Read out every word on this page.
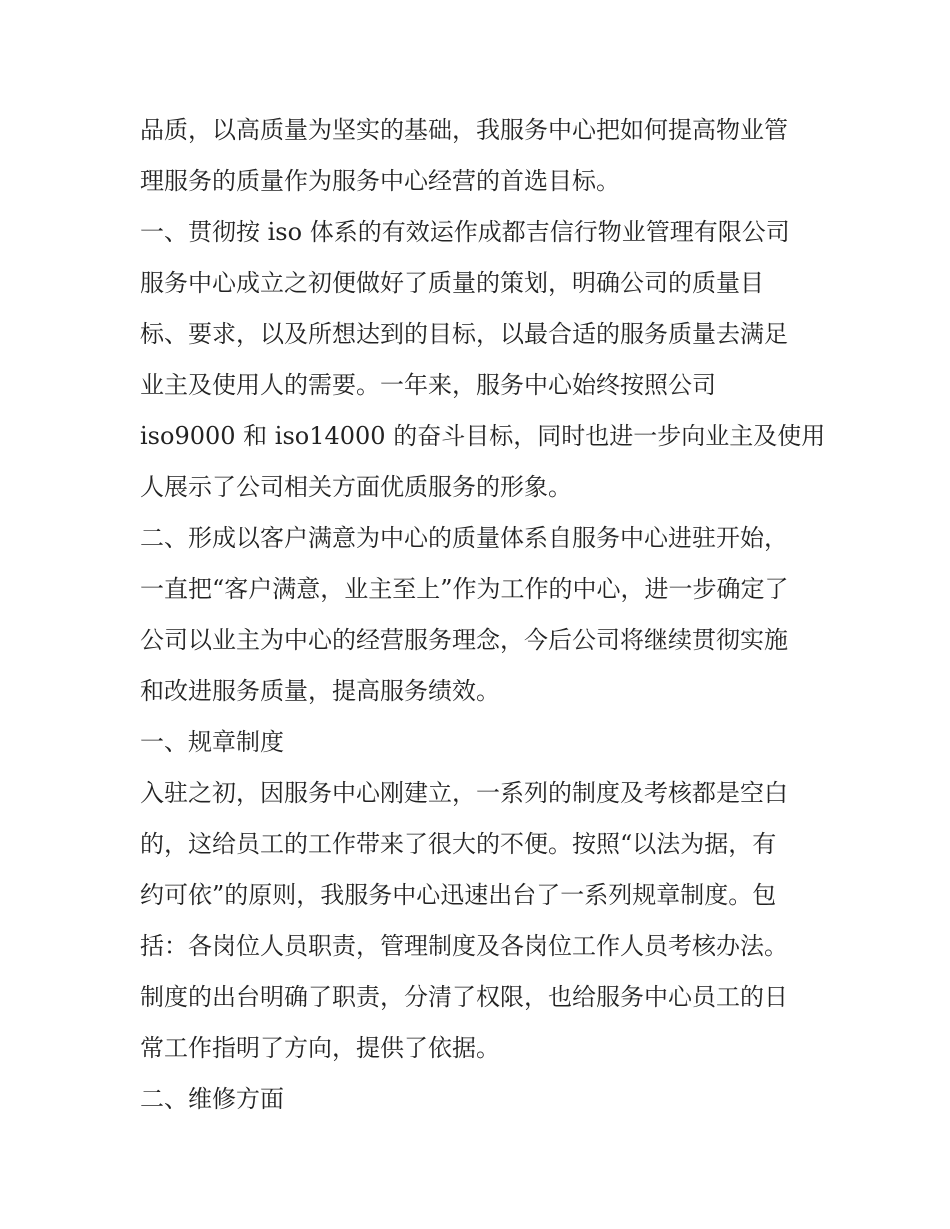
品质，以高质量为坚实的基础，我服务中心把如何提高物业管
理服务的质量作为服务中心经营的首选目标。
一、贯彻按 iso 体系的有效运作成都吉信行物业管理有限公司
服务中心成立之初便做好了质量的策划，明确公司的质量目
标、要求，以及所想达到的目标，以最合适的服务质量去满足
业主及使用人的需要。一年来，服务中心始终按照公司
iso9000 和 iso14000 的奋斗目标，同时也进一步向业主及使用
人展示了公司相关方面优质服务的形象。
二、形成以客户满意为中心的质量体系自服务中心进驻开始，
一直把“客户满意，业主至上”作为工作的中心，进一步确定了
公司以业主为中心的经营服务理念，今后公司将继续贯彻实施
和改进服务质量，提高服务绩效。
一、规章制度
入驻之初，因服务中心刚建立，一系列的制度及考核都是空白
的，这给员工的工作带来了很大的不便。按照“以法为据，有
约可依”的原则，我服务中心迅速出台了一系列规章制度。包
括：各岗位人员职责，管理制度及各岗位工作人员考核办法。
制度的出台明确了职责，分清了权限，也给服务中心员工的日
常工作指明了方向，提供了依据。
二、维修方面
